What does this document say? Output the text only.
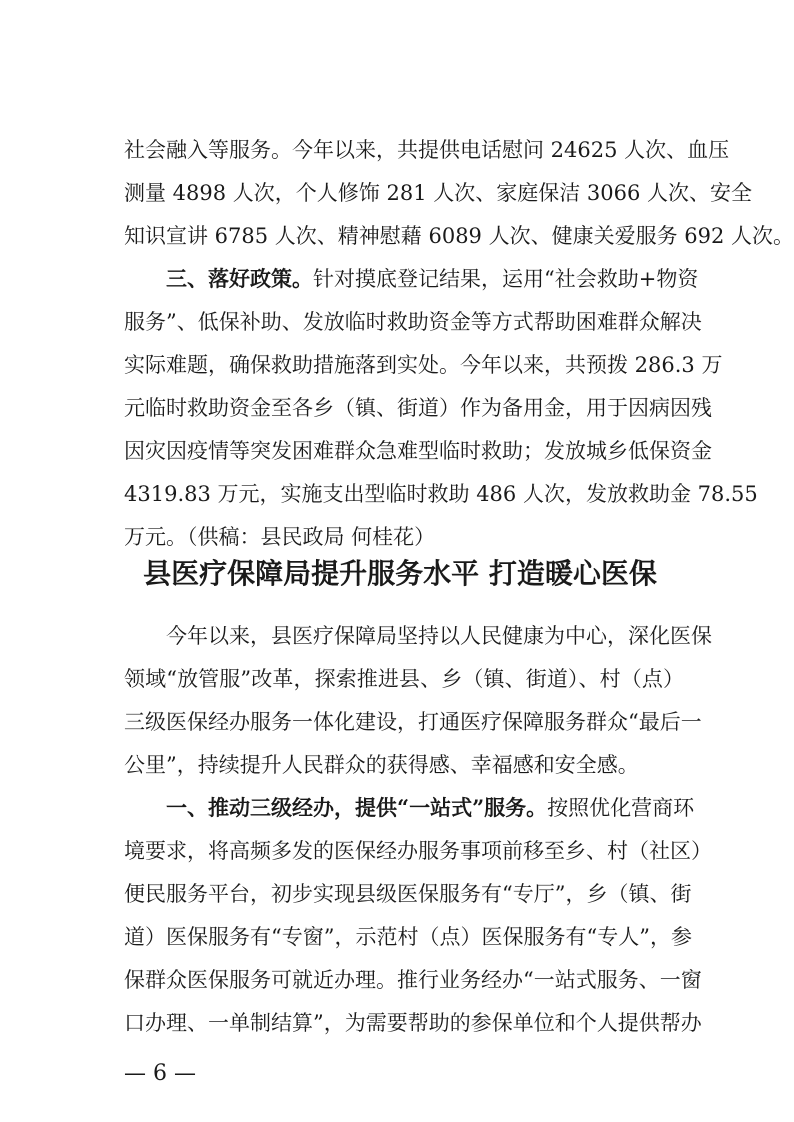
社会融入等服务。今年以来，共提供电话慰问 24625 人次、血压
测量 4898 人次，个人修饰 281 人次、家庭保洁 3066 人次、安全
知识宣讲 6785 人次、精神慰藉 6089 人次、健康关爱服务 692 人次。
三、落好政策。针对摸底登记结果，运用“社会救助+物资
服务”、低保补助、发放临时救助资金等方式帮助困难群众解决
实际难题，确保救助措施落到实处。今年以来，共预拨 286.3 万
元临时救助资金至各乡（镇、街道）作为备用金，用于因病因残
因灾因疫情等突发困难群众急难型临时救助；发放城乡低保资金
4319.83 万元，实施支出型临时救助 486 人次，发放救助金 78.55
万元。（供稿：县民政局 何桂花）
县医疗保障局提升服务水平 打造暖心医保
今年以来，县医疗保障局坚持以人民健康为中心，深化医保
领域“放管服”改革，探索推进县、乡（镇、街道）、村（点）
三级医保经办服务一体化建设，打通医疗保障服务群众“最后一
公里”，持续提升人民群众的获得感、幸福感和安全感。
一、推动三级经办，提供“一站式”服务。按照优化营商环
境要求，将高频多发的医保经办服务事项前移至乡、村（社区）
便民服务平台，初步实现县级医保服务有“专厅”，乡（镇、街
道）医保服务有“专窗”，示范村（点）医保服务有“专人”，参
保群众医保服务可就近办理。推行业务经办“一站式服务、一窗
— 6 —
口办理、一单制结算”，为需要帮助的参保单位和个人提供帮办
